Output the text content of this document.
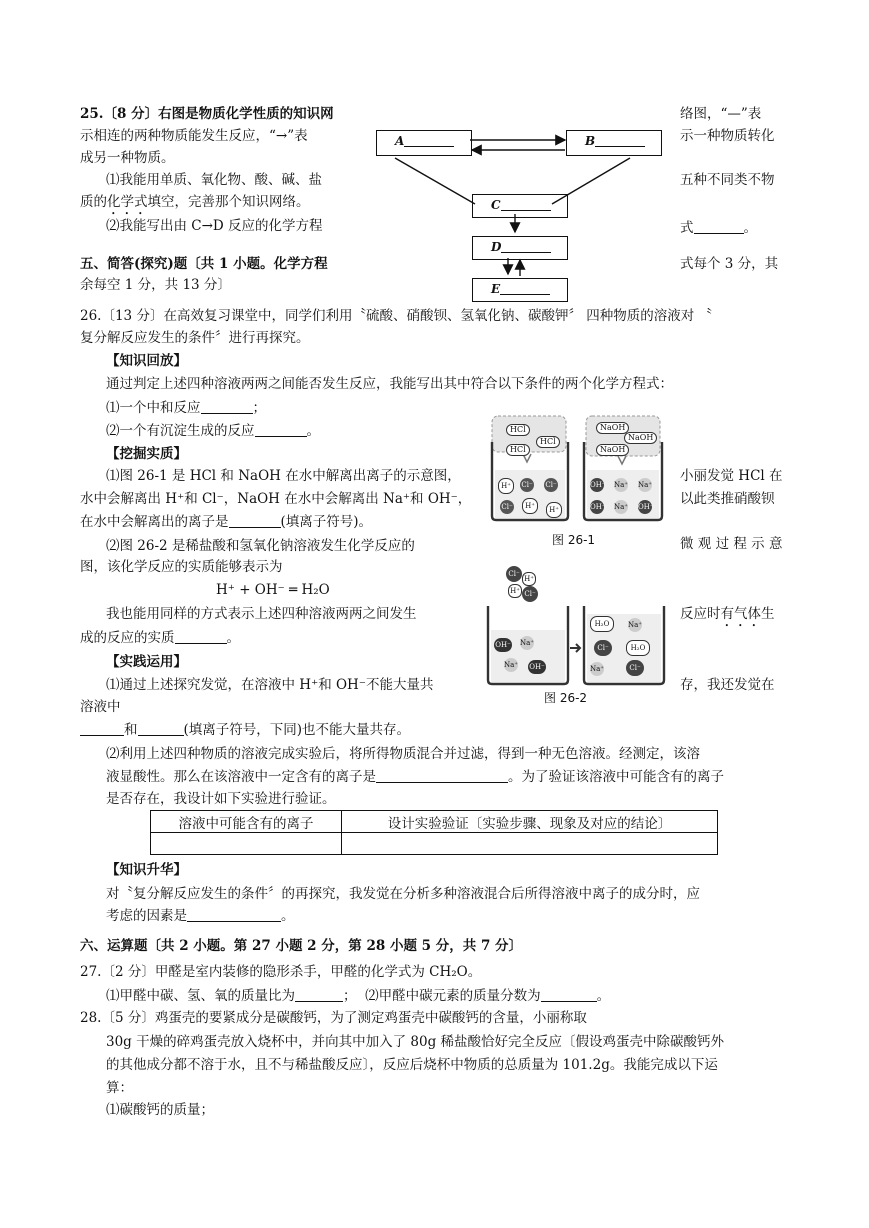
25.〔8 分〕右图是物质化学性质的知识网	络图，“—”表
示相连的两种物质能发生反应，“→”表	示一种物质转化
成另一种物质。
⑴我能用单质、氧化物、酸、碱、盐	五种不同类不物
质的化学式填空，完善那个知识网络。
⑵我能写出由 C→D 反应的化学方程	式	。
A	B
C
D
E
五、简答(探究)题〔共 1 小题。化学方程	式每个 3 分，其
余每空 1 分，共 13 分〕
26.〔13 分〕在高效复习课堂中，同学们利用〝硫酸、硝酸钡、氢氧化钠、碳酸钾〞 四种物质的溶液对 〝
复分解反应发生的条件〞进行再探究。
【知识回放】
通过判定上述四种溶液两两之间能否发生反应，我能写出其中符合以下条件的两个化学方程式：
⑴一个中和反应	；
⑵一个有沉淀生成的反应	。
【挖掘实质】
⑴图 26-1 是 HCl 和 NaOH 在水中解离出离子的示意图，	小丽发觉 HCl 在
水中会解离出 H⁺和 Cl⁻，NaOH 在水中会解离出 Na⁺和 OH⁻，	以此类推硝酸钡
在水中会解离出的离子是	(填离子符号)。
⑵图 26-2 是稀盐酸和氢氧化钠溶液发生化学反应的	微 观 过 程 示 意
图，该化学反应的实质能够表示为
H⁺ + OH⁻ ═ H₂O
我也能用同样的方式表示上述四种溶液两两之间发生	反应时有气体生
成的反应的实质	。
【实践运用】
⑴通过上述探究发觉，在溶液中 H⁺和 OH⁻不能大量共	存，我还发觉在
溶液中
和	(填离子符号，下同)也不能大量共存。
⑵利用上述四种物质的溶液完成实验后，将所得物质混合并过滤，得到一种无色溶液。经测定，该溶
液显酸性。那么在该溶液中一定含有的离子是	。为了验证该溶液中可能含有的离子
是否存在，我设计如下实验进行验证。
溶液中可能含有的离子	设计实验验证〔实验步骤、现象及对应的结论〕

【知识升华】
对〝复分解反应发生的条件〞的再探究，我发觉在分析多种溶液混合后所得溶液中离子的成分时，应
考虑的因素是	。
HCl
HCl
HCl
NaOH
NaOH
NaOH
H⁺	Cl⁻ Cl⁻
Cl⁻	H⁺	H⁺
OH⁻ Na⁺ Na⁺
OH⁻ Na⁺ OH⁻
图 26-1
Cl⁻
H⁺
H⁺ Cl⁻
OH⁻ Na⁺
Na⁺ OH⁻
H₂O	Na⁺
Cl⁻	H₂O
Na⁺	Cl⁻
图 26-2
六、运算题〔共 2 小题。第 27 小题 2 分，第 28 小题 5 分，共 7 分〕
27.〔2 分〕甲醛是室内装修的隐形杀手，甲醛的化学式为 CH₂O。
⑴甲醛中碳、氢、氧的质量比为	； ⑵甲醛中碳元素的质量分数为	。
28.〔5 分〕鸡蛋壳的要紧成分是碳酸钙，为了测定鸡蛋壳中碳酸钙的含量，小丽称取
30g 干燥的碎鸡蛋壳放入烧杯中，并向其中加入了 80g 稀盐酸恰好完全反应〔假设鸡蛋壳中除碳酸钙外
的其他成分都不溶于水，且不与稀盐酸反应〕，反应后烧杯中物质的总质量为 101.2g。我能完成以下运
算：
⑴碳酸钙的质量；
